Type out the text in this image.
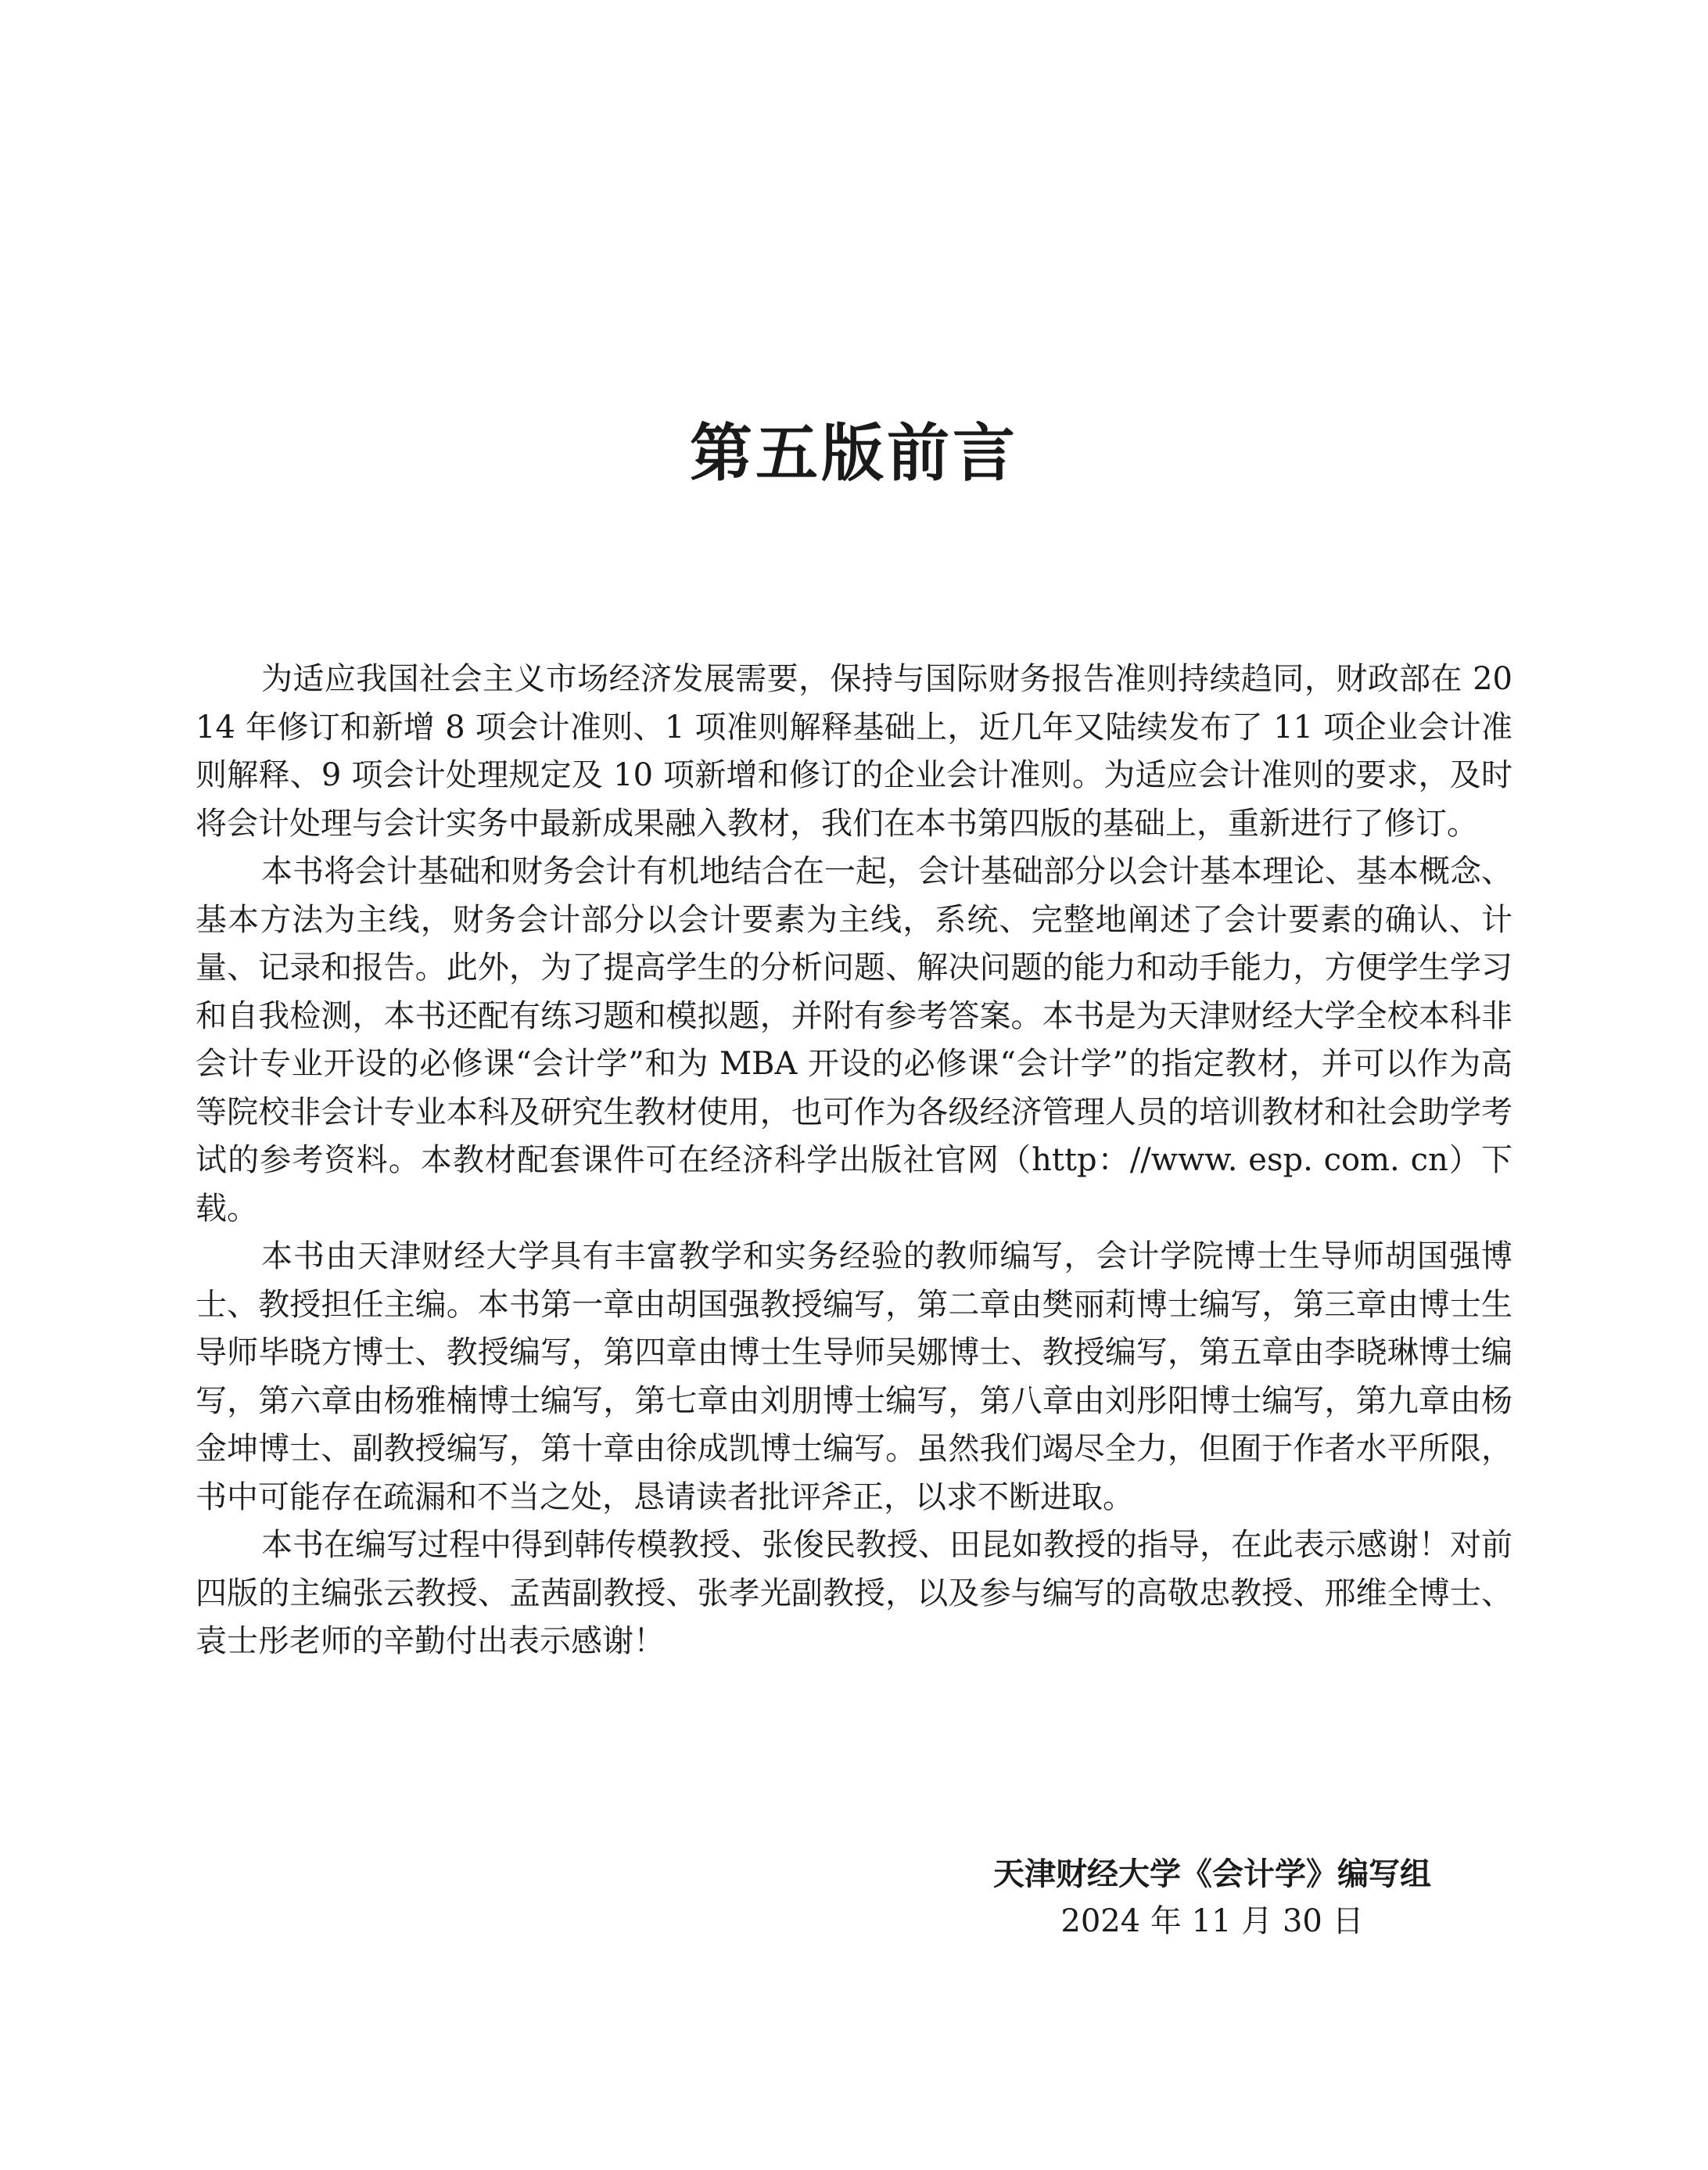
第五版前言

为适应我国社会主义市场经济发展需要，保持与国际财务报告准则持续趋同，财政部在 2014 年修订和新增 8 项会计准则、1 项准则解释基础上，近几年又陆续发布了 11 项企业会计准则解释、9 项会计处理规定及 10 项新增和修订的企业会计准则。为适应会计准则的要求，及时将会计处理与会计实务中最新成果融入教材，我们在本书第四版的基础上，重新进行了修订。

本书将会计基础和财务会计有机地结合在一起，会计基础部分以会计基本理论、基本概念、基本方法为主线，财务会计部分以会计要素为主线，系统、完整地阐述了会计要素的确认、计量、记录和报告。此外，为了提高学生的分析问题、解决问题的能力和动手能力，方便学生学习和自我检测，本书还配有练习题和模拟题，并附有参考答案。本书是为天津财经大学全校本科非会计专业开设的必修课“会计学”和为 MBA 开设的必修课“会计学”的指定教材，并可以作为高等院校非会计专业本科及研究生教材使用，也可作为各级经济管理人员的培训教材和社会助学考试的参考资料。本教材配套课件可在经济科学出版社官网（http：//www. esp. com. cn）下载。

本书由天津财经大学具有丰富教学和实务经验的教师编写，会计学院博士生导师胡国强博士、教授担任主编。本书第一章由胡国强教授编写，第二章由樊丽莉博士编写，第三章由博士生导师毕晓方博士、教授编写，第四章由博士生导师吴娜博士、教授编写，第五章由李晓琳博士编写，第六章由杨雅楠博士编写，第七章由刘朋博士编写，第八章由刘彤阳博士编写，第九章由杨金坤博士、副教授编写，第十章由徐成凯博士编写。虽然我们竭尽全力，但囿于作者水平所限，书中可能存在疏漏和不当之处，恳请读者批评斧正，以求不断进取。

本书在编写过程中得到韩传模教授、张俊民教授、田昆如教授的指导，在此表示感谢！对前四版的主编张云教授、孟茜副教授、张孝光副教授，以及参与编写的高敬忠教授、邢维全博士、袁士彤老师的辛勤付出表示感谢！

天津财经大学《会计学》编写组
2024 年 11 月 30 日
